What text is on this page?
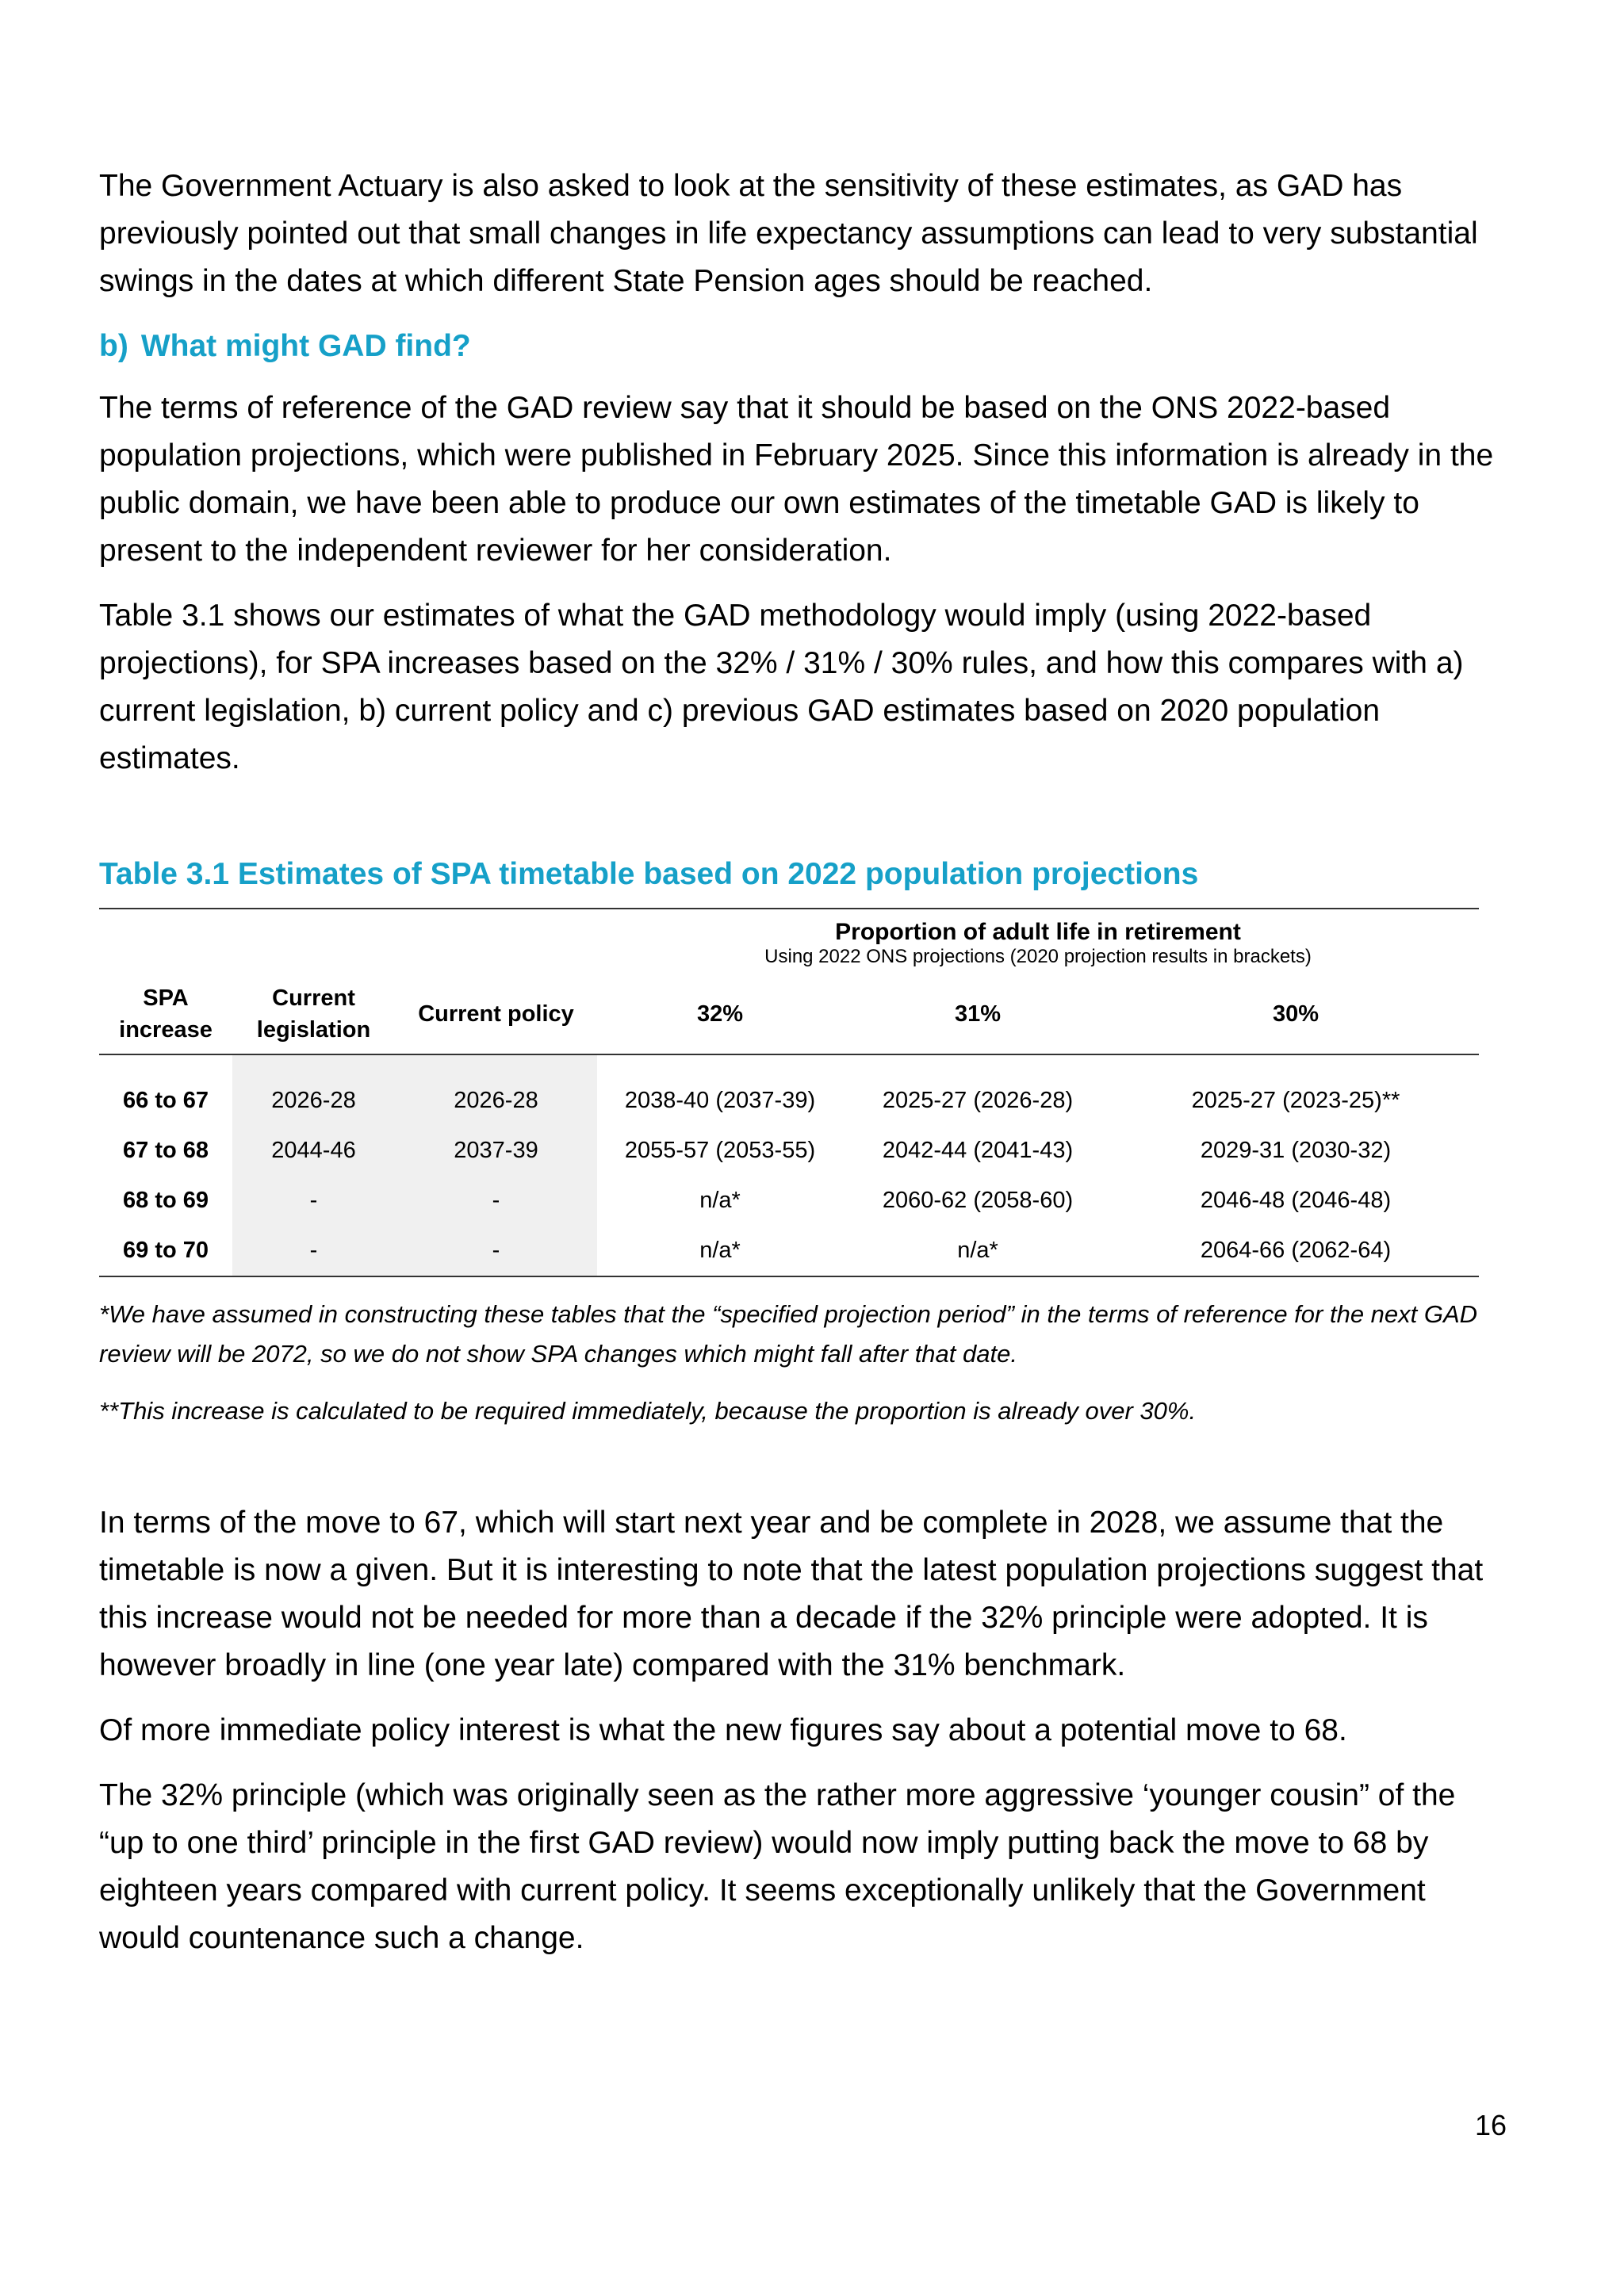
The Government Actuary is also asked to look at the sensitivity of these estimates, as GAD has previously pointed out that small changes in life expectancy assumptions can lead to very substantial swings in the dates at which different State Pension ages should be reached.

b) What might GAD find?

The terms of reference of the GAD review say that it should be based on the ONS 2022-based population projections, which were published in February 2025. Since this information is already in the public domain, we have been able to produce our own estimates of the timetable GAD is likely to present to the independent reviewer for her consideration.

Table 3.1 shows our estimates of what the GAD methodology would imply (using 2022-based projections), for SPA increases based on the 32% / 31% / 30% rules, and how this compares with a) current legislation, b) current policy and c) previous GAD estimates based on 2020 population estimates.

Table 3.1 Estimates of SPA timetable based on 2022 population projections

			Proportion of adult life in retirement		
			Using 2022 ONS projections (2020 projection results in brackets)		
SPA increase	Current legislation	Current policy	32%	31%	30%
66 to 67	2026-28	2026-28	2038-40 (2037-39)	2025-27 (2026-28)	2025-27 (2023-25)**
67 to 68	2044-46	2037-39	2055-57 (2053-55)	2042-44 (2041-43)	2029-31 (2030-32)
68 to 69	-	-	n/a*	2060-62 (2058-60)	2046-48 (2046-48)
69 to 70	-	-	n/a*	n/a*	2064-66 (2062-64)

*We have assumed in constructing these tables that the “specified projection period” in the terms of reference for the next GAD review will be 2072, so we do not show SPA changes which might fall after that date.

**This increase is calculated to be required immediately, because the proportion is already over 30%.

In terms of the move to 67, which will start next year and be complete in 2028, we assume that the timetable is now a given. But it is interesting to note that the latest population projections suggest that this increase would not be needed for more than a decade if the 32% principle were adopted. It is however broadly in line (one year late) compared with the 31% benchmark.

Of more immediate policy interest is what the new figures say about a potential move to 68.

The 32% principle (which was originally seen as the rather more aggressive ‘younger cousin” of the “up to one third’ principle in the first GAD review) would now imply putting back the move to 68 by eighteen years compared with current policy. It seems exceptionally unlikely that the Government would countenance such a change.

16
